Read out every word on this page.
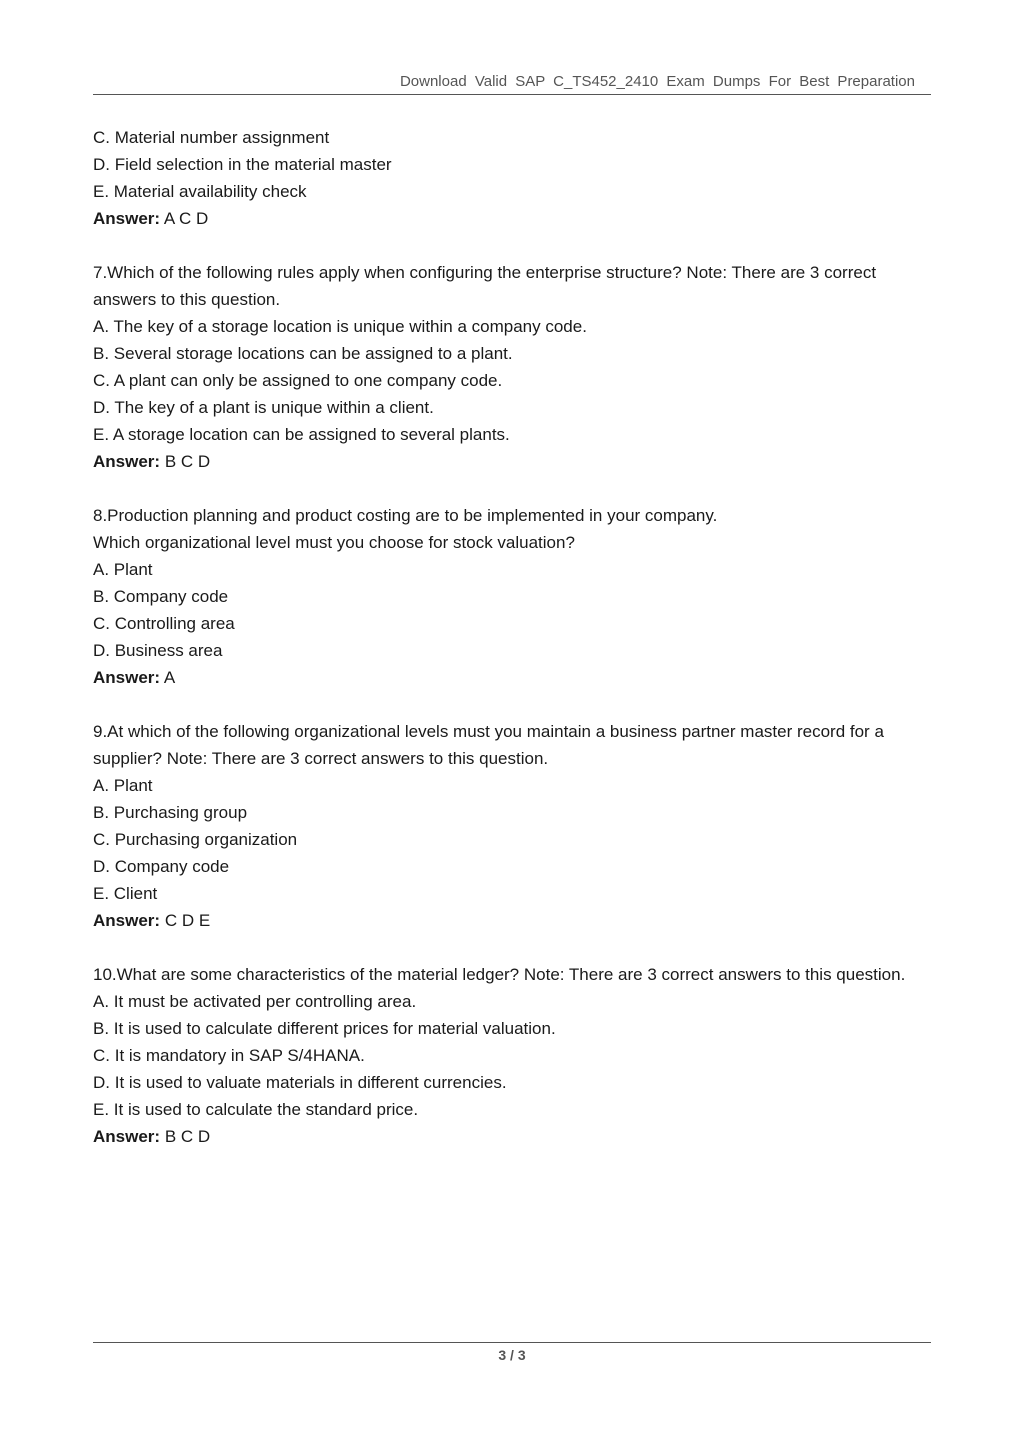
Download Valid SAP C_TS452_2410 Exam Dumps For Best Preparation
C. Material number assignment
D. Field selection in the material master
E. Material availability check
Answer: A C D
7.Which of the following rules apply when configuring the enterprise structure? Note: There are 3 correct answers to this question.
A. The key of a storage location is unique within a company code.
B. Several storage locations can be assigned to a plant.
C. A plant can only be assigned to one company code.
D. The key of a plant is unique within a client.
E. A storage location can be assigned to several plants.
Answer: B C D
8.Production planning and product costing are to be implemented in your company.
Which organizational level must you choose for stock valuation?
A. Plant
B. Company code
C. Controlling area
D. Business area
Answer: A
9.At which of the following organizational levels must you maintain a business partner master record for a supplier? Note: There are 3 correct answers to this question.
A. Plant
B. Purchasing group
C. Purchasing organization
D. Company code
E. Client
Answer: C D E
10.What are some characteristics of the material ledger? Note: There are 3 correct answers to this question.
A. It must be activated per controlling area.
B. It is used to calculate different prices for material valuation.
C. It is mandatory in SAP S/4HANA.
D. It is used to valuate materials in different currencies.
E. It is used to calculate the standard price.
Answer: B C D
3 / 3
